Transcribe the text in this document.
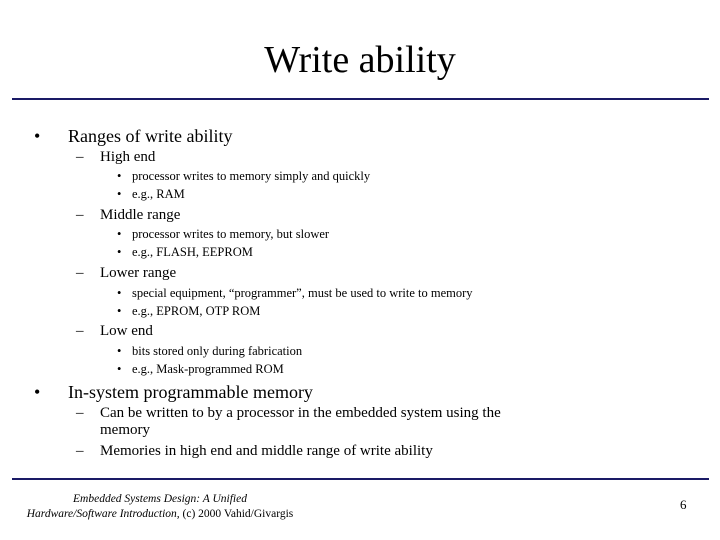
Write ability
• Ranges of write ability
– High end
• processor writes to memory simply and quickly
• e.g., RAM
– Middle range
• processor writes to memory, but slower
• e.g., FLASH, EEPROM
– Lower range
• special equipment, “programmer”, must be used to write to memory
• e.g., EPROM, OTP ROM
– Low end
• bits stored only during fabrication
• e.g., Mask-programmed ROM
• In-system programmable memory
– Can be written to by a processor in the embedded system using the
memory
– Memories in high end and middle range of write ability
Embedded Systems Design: A Unified
Hardware/Software Introduction, (c) 2000 Vahid/Givargis
6
